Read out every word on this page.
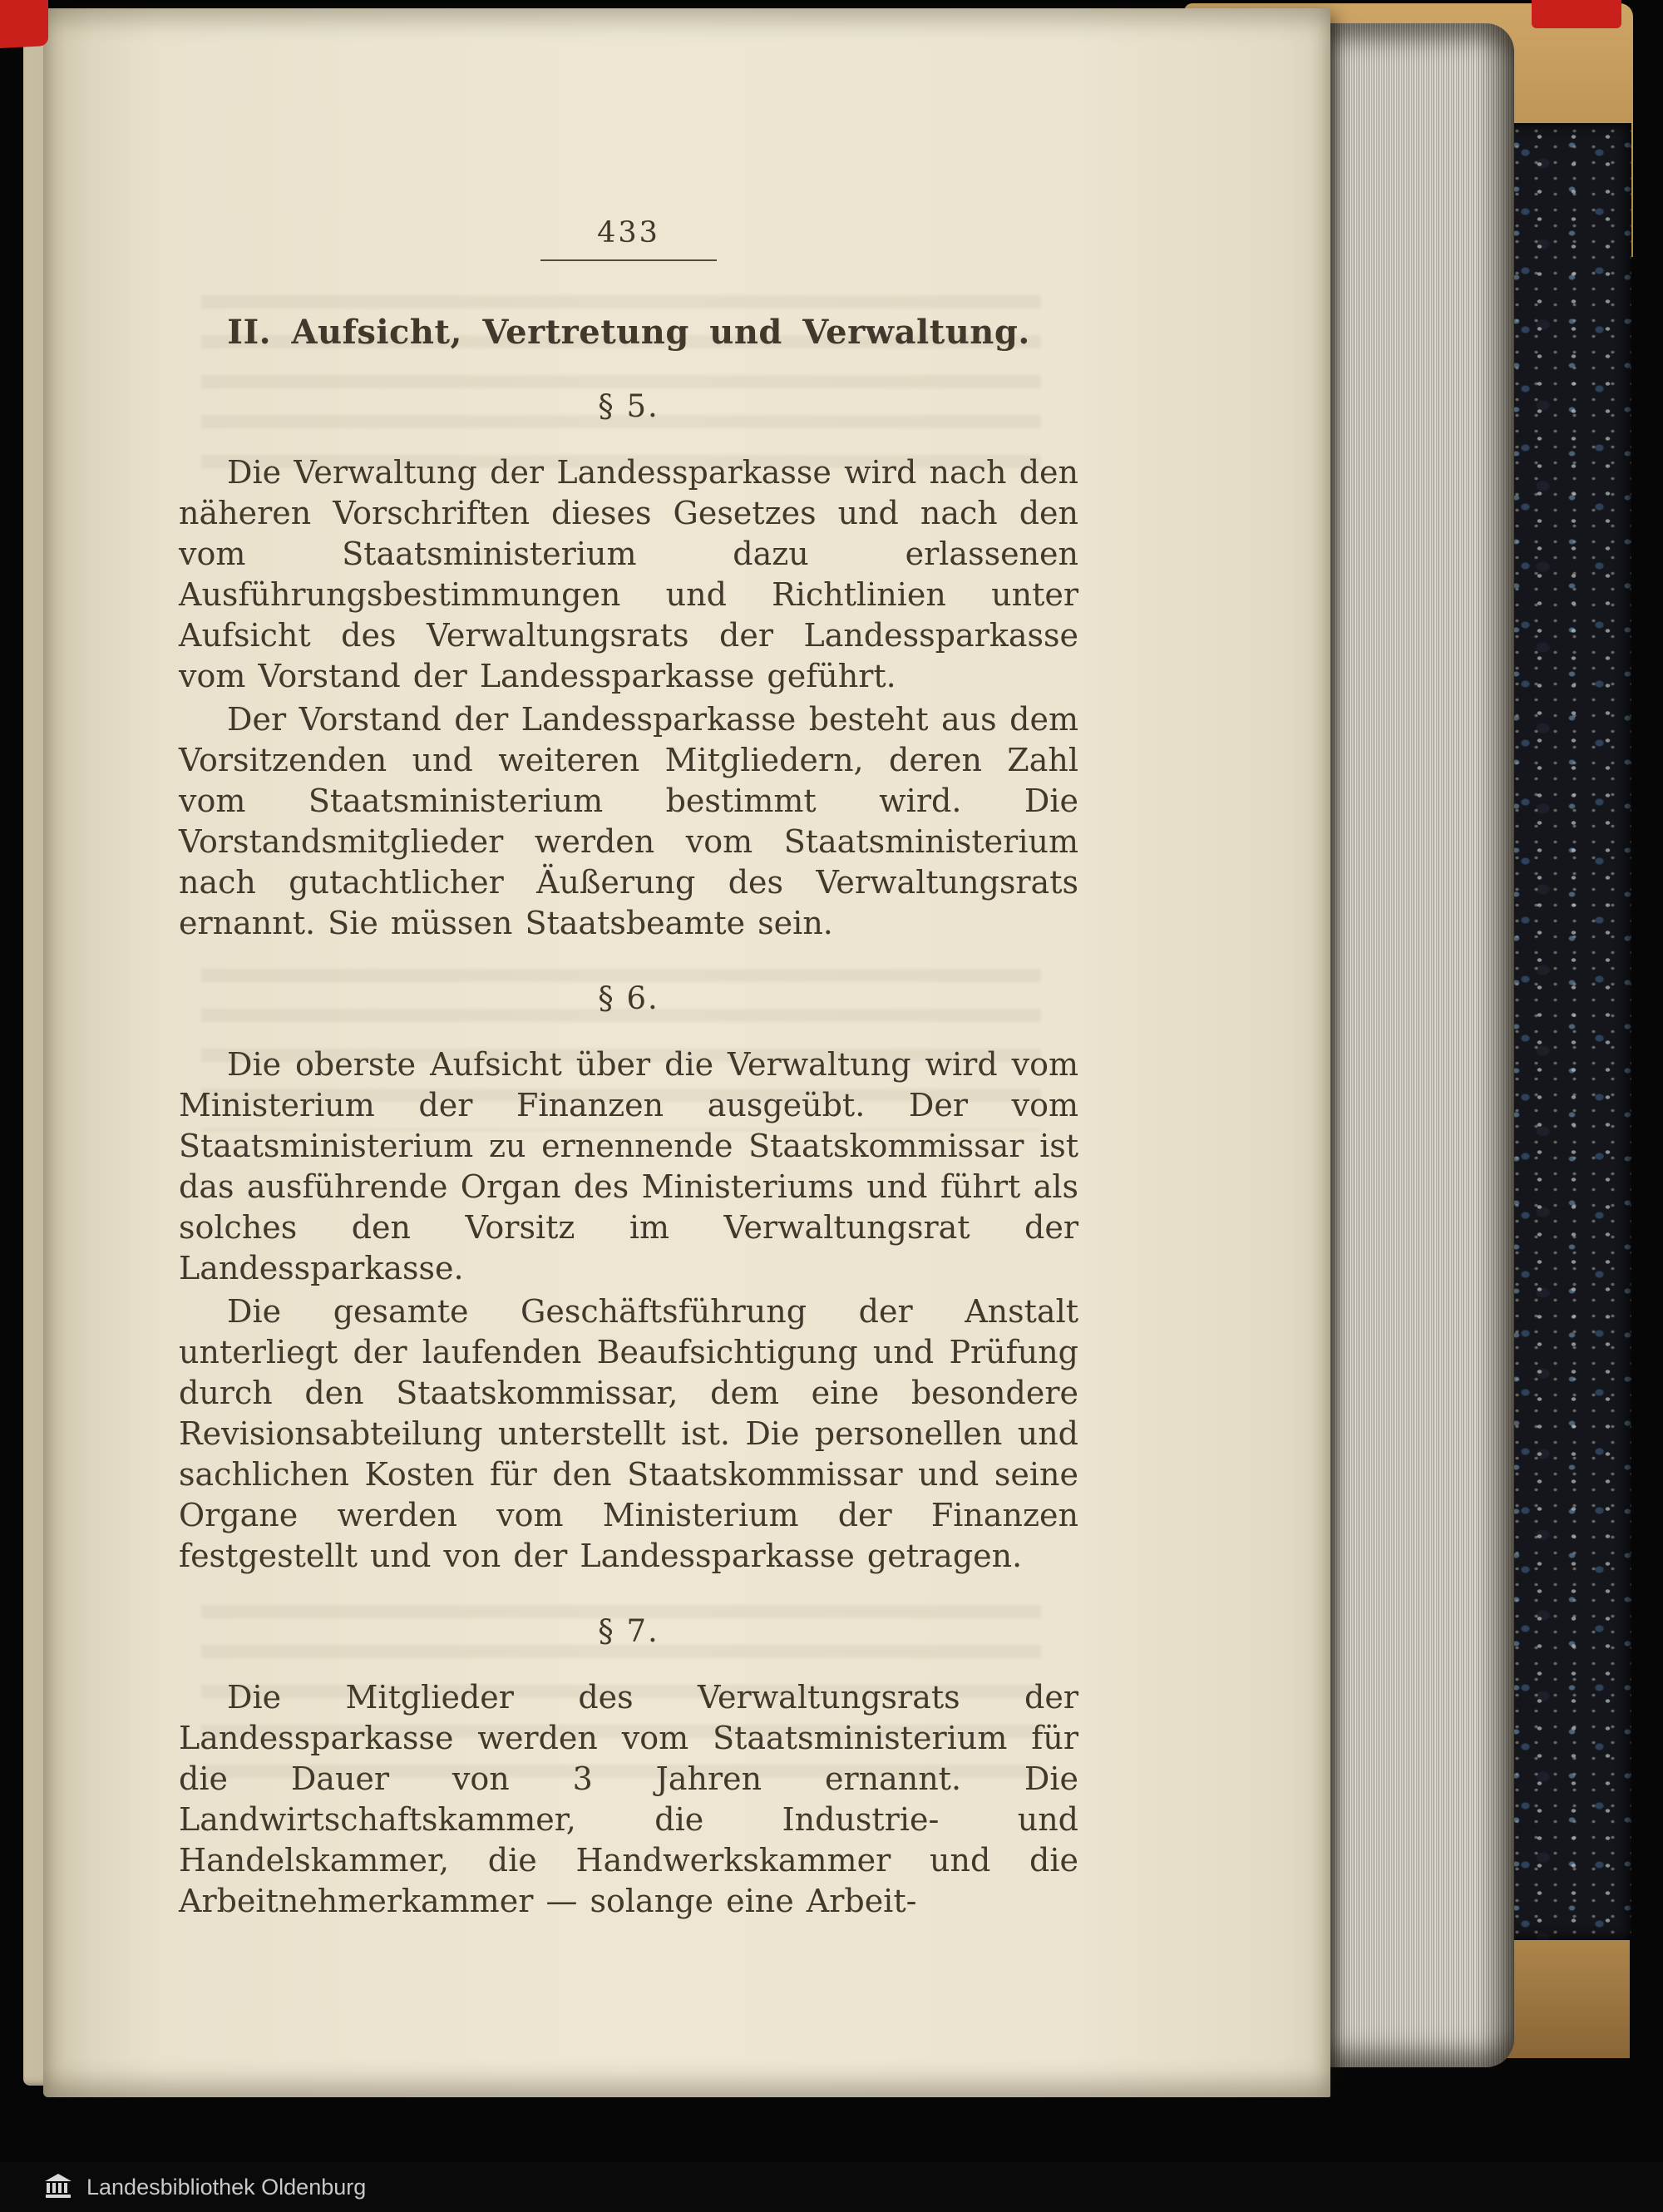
433
II. Aufsicht, Vertretung und Verwaltung.
§ 5.

Die Verwaltung der Landessparkasse wird nach den näheren Vorschriften dieses Gesetzes und nach den vom Staatsministerium dazu erlassenen Ausführungsbestimmungen und Richtlinien unter Aufsicht des Verwaltungsrats der Landessparkasse vom Vorstand der Landessparkasse geführt.

Der Vorstand der Landessparkasse besteht aus dem Vorsitzenden und weiteren Mitgliedern, deren Zahl vom Staatsministerium bestimmt wird. Die Vorstandsmitglieder werden vom Staatsministerium nach gutachtlicher Äußerung des Verwaltungsrats ernannt. Sie müssen Staatsbeamte sein.

§ 6.

Die oberste Aufsicht über die Verwaltung wird vom Ministerium der Finanzen ausgeübt. Der vom Staatsministerium zu ernennende Staatskommissar ist das ausführende Organ des Ministeriums und führt als solches den Vorsitz im Verwaltungsrat der Landessparkasse.

Die gesamte Geschäftsführung der Anstalt unterliegt der laufenden Beaufsichtigung und Prüfung durch den Staatskommissar, dem eine besondere Revisionsabteilung unterstellt ist. Die personellen und sachlichen Kosten für den Staatskommissar und seine Organe werden vom Ministerium der Finanzen festgestellt und von der Landessparkasse getragen.

§ 7.

Die Mitglieder des Verwaltungsrats der Landessparkasse werden vom Staatsministerium für die Dauer von 3 Jahren ernannt. Die Landwirtschaftskammer, die Industrie- und Handelskammer, die Handwerkskammer und die Arbeitnehmerkammer — solange eine Arbeit-

Landesbibliothek Oldenburg
